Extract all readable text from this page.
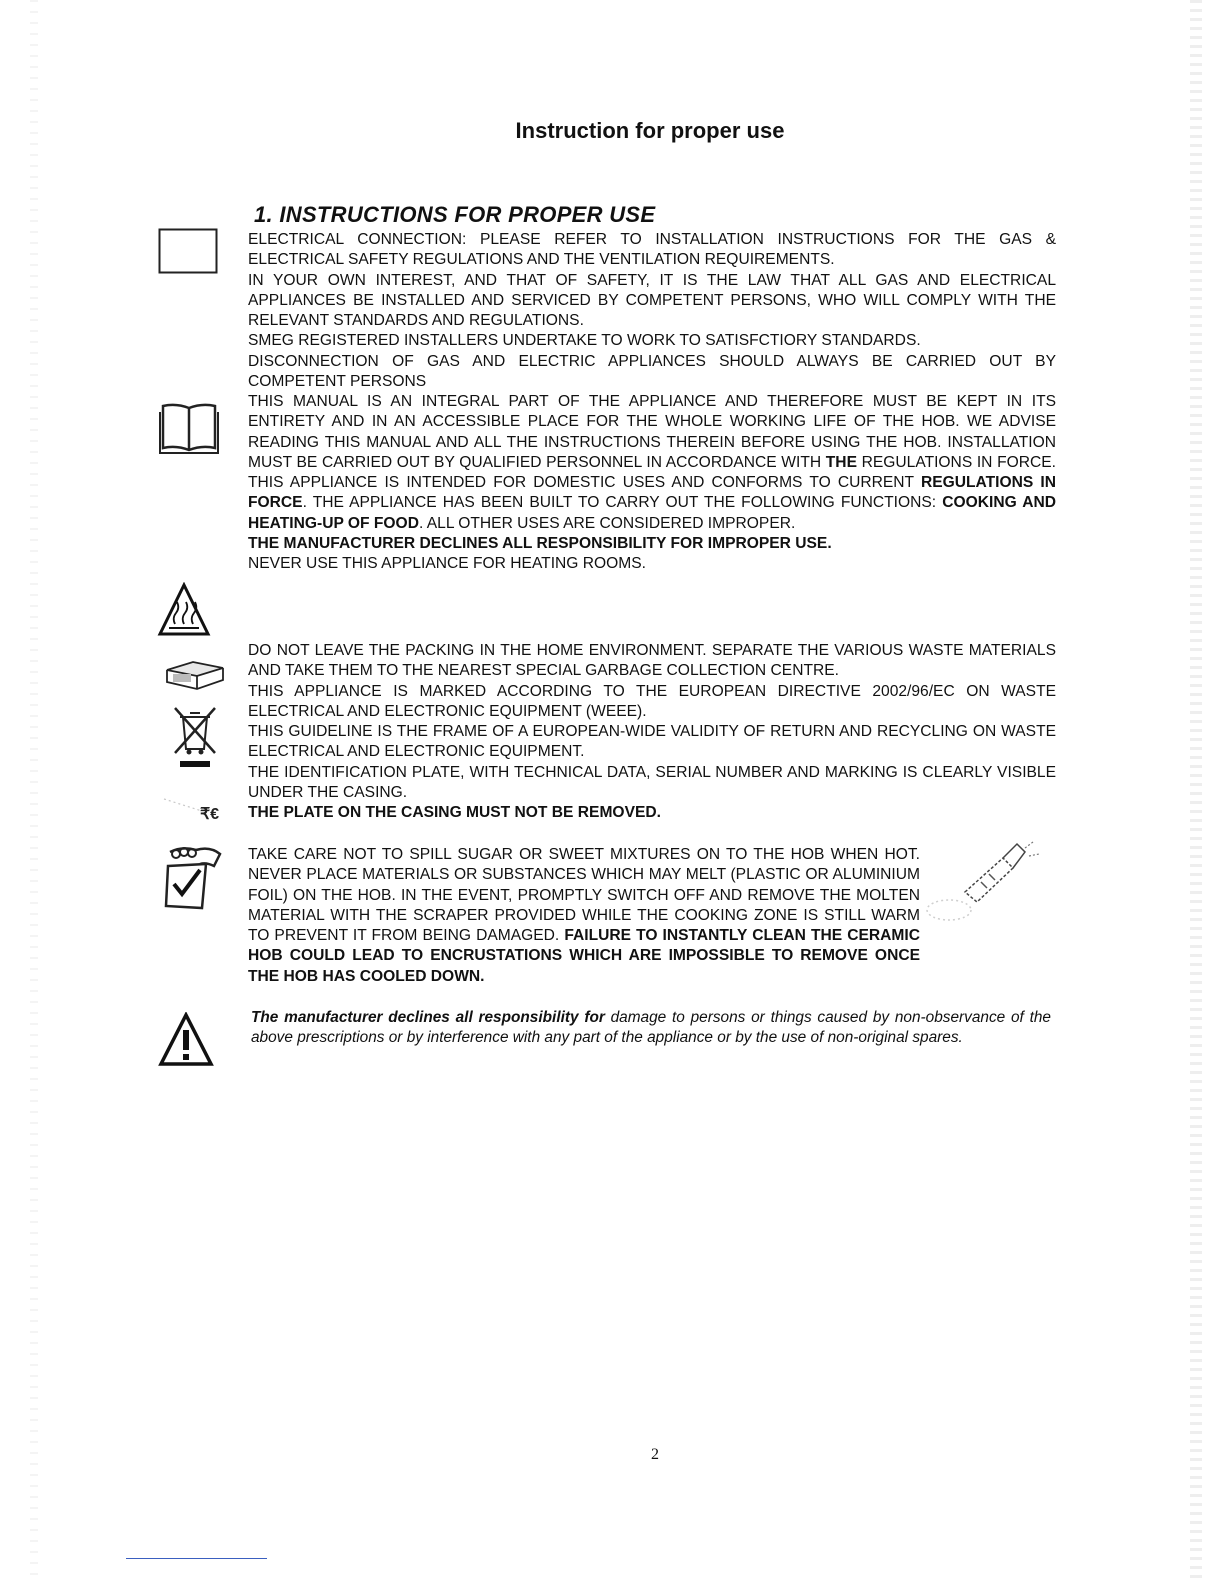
Instruction for proper use
1. INSTRUCTIONS FOR PROPER USE
₹€

ELECTRICAL CONNECTION: PLEASE REFER TO INSTALLATION INSTRUCTIONS FOR THE GAS & ELECTRICAL SAFETY REGULATIONS AND THE VENTILATION REQUIREMENTS.

IN YOUR OWN INTEREST, AND THAT OF SAFETY, IT IS THE LAW THAT ALL GAS AND ELECTRICAL APPLIANCES BE INSTALLED AND SERVICED BY COMPETENT PERSONS, WHO WILL COMPLY WITH THE RELEVANT STANDARDS AND REGULATIONS.

SMEG REGISTERED INSTALLERS UNDERTAKE TO WORK TO SATISFCTIORY STANDARDS.

DISCONNECTION OF GAS AND ELECTRIC APPLIANCES SHOULD ALWAYS BE CARRIED OUT BY COMPETENT PERSONS

THIS MANUAL IS AN INTEGRAL PART OF THE APPLIANCE AND THEREFORE MUST BE KEPT IN ITS ENTIRETY AND IN AN ACCESSIBLE PLACE FOR THE WHOLE WORKING LIFE OF THE HOB. WE ADVISE READING THIS MANUAL AND ALL THE INSTRUCTIONS THEREIN BEFORE USING THE HOB. INSTALLATION MUST BE CARRIED OUT BY QUALIFIED PERSONNEL IN ACCORDANCE WITH THE REGULATIONS IN FORCE. THIS APPLIANCE IS INTENDED FOR DOMESTIC USES AND CONFORMS TO CURRENT REGULATIONS IN FORCE. THE APPLIANCE HAS BEEN BUILT TO CARRY OUT THE FOLLOWING FUNCTIONS: COOKING AND HEATING-UP OF FOOD. ALL OTHER USES ARE CONSIDERED IMPROPER.

THE MANUFACTURER DECLINES ALL RESPONSIBILITY FOR IMPROPER USE.

NEVER USE THIS APPLIANCE FOR HEATING ROOMS.

DO NOT LEAVE THE PACKING IN THE HOME ENVIRONMENT. SEPARATE THE VARIOUS WASTE MATERIALS AND TAKE THEM TO THE NEAREST SPECIAL GARBAGE COLLECTION CENTRE.

THIS APPLIANCE IS MARKED ACCORDING TO THE EUROPEAN DIRECTIVE 2002/96/EC ON WASTE ELECTRICAL AND ELECTRONIC EQUIPMENT (WEEE).

THIS GUIDELINE IS THE FRAME OF A EUROPEAN-WIDE VALIDITY OF RETURN AND RECYCLING ON WASTE ELECTRICAL AND ELECTRONIC EQUIPMENT.

THE IDENTIFICATION PLATE, WITH TECHNICAL DATA, SERIAL NUMBER AND MARKING IS CLEARLY VISIBLE UNDER THE CASING.

THE PLATE ON THE CASING MUST NOT BE REMOVED.

TAKE CARE NOT TO SPILL SUGAR OR SWEET MIXTURES ON TO THE HOB WHEN HOT. NEVER PLACE MATERIALS OR SUBSTANCES WHICH MAY MELT (PLASTIC OR ALUMINIUM FOIL) ON THE HOB. IN THE EVENT, PROMPTLY SWITCH OFF AND REMOVE THE MOLTEN MATERIAL WITH THE SCRAPER PROVIDED WHILE THE COOKING ZONE IS STILL WARM TO PREVENT IT FROM BEING DAMAGED. FAILURE TO INSTANTLY CLEAN THE CERAMIC HOB COULD LEAD TO ENCRUSTATIONS WHICH ARE IMPOSSIBLE TO REMOVE ONCE THE HOB HAS COOLED DOWN.

The manufacturer declines all responsibility for damage to persons or things caused by non-observance of the above prescriptions or by interference with any part of the appliance or by the use of non-original spares.

2
